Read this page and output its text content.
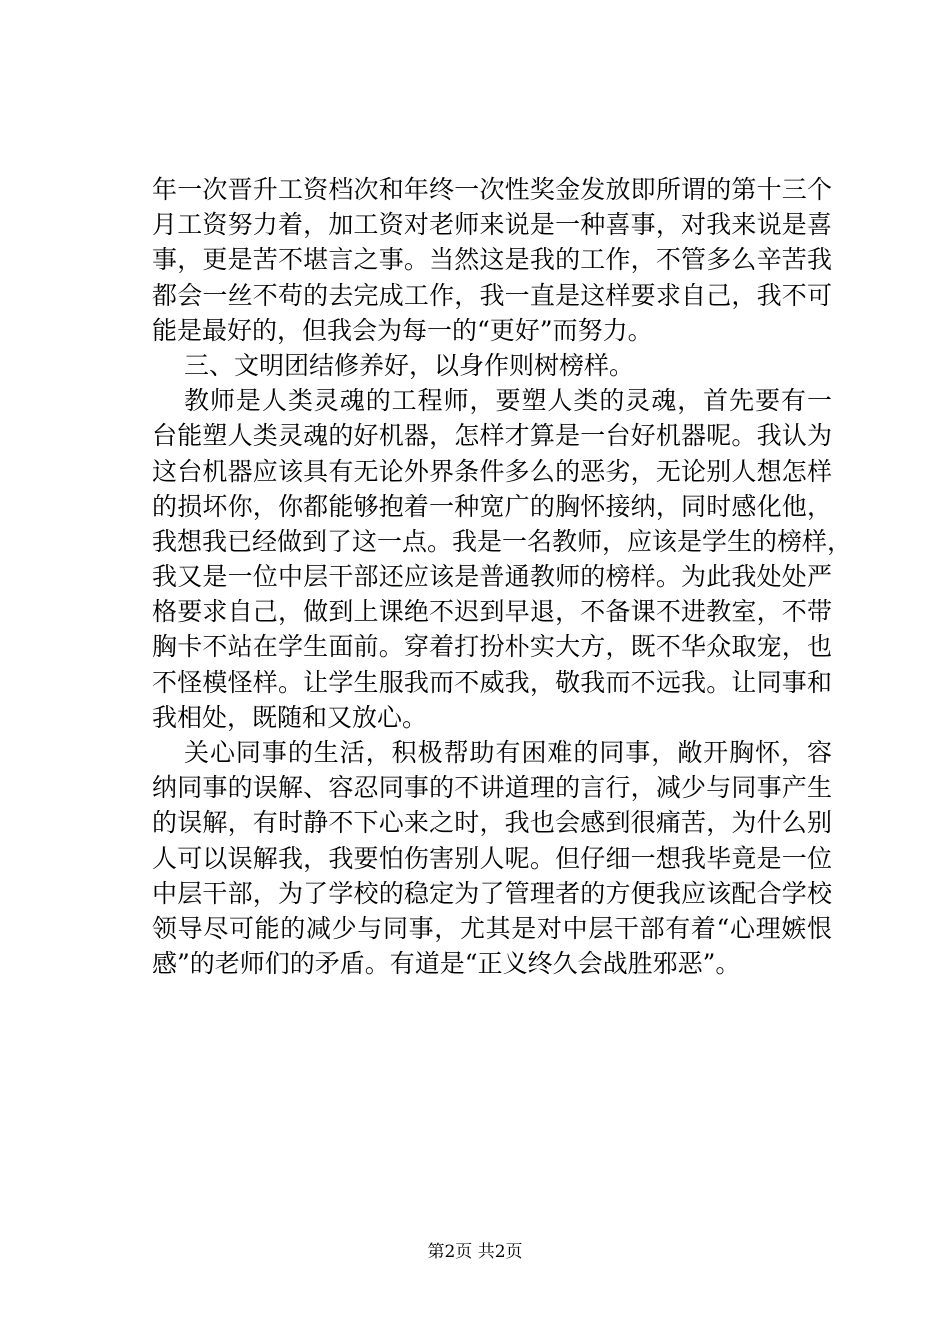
年一次晋升工资档次和年终一次性奖金发放即所谓的第十三个
月工资努力着，加工资对老师来说是一种喜事，对我来说是喜
事，更是苦不堪言之事。当然这是我的工作，不管多么辛苦我
都会一丝不苟的去完成工作，我一直是这样要求自己，我不可
能是最好的，但我会为每一的“更好”而努力。
三、文明团结修养好，以身作则树榜样。
教师是人类灵魂的工程师，要塑人类的灵魂，首先要有一
台能塑人类灵魂的好机器，怎样才算是一台好机器呢。我认为
这台机器应该具有无论外界条件多么的恶劣，无论别人想怎样
的损坏你，你都能够抱着一种宽广的胸怀接纳，同时感化他，
我想我已经做到了这一点。我是一名教师，应该是学生的榜样，
我又是一位中层干部还应该是普通教师的榜样。为此我处处严
格要求自己，做到上课绝不迟到早退，不备课不进教室，不带
胸卡不站在学生面前。穿着打扮朴实大方，既不华众取宠，也
不怪模怪样。让学生服我而不威我，敬我而不远我。让同事和
我相处，既随和又放心。
关心同事的生活，积极帮助有困难的同事，敞开胸怀，容
纳同事的误解、容忍同事的不讲道理的言行，减少与同事产生
的误解，有时静不下心来之时，我也会感到很痛苦，为什么别
人可以误解我，我要怕伤害别人呢。但仔细一想我毕竟是一位
中层干部，为了学校的稳定为了管理者的方便我应该配合学校
领导尽可能的减少与同事，尤其是对中层干部有着“心理嫉恨
感”的老师们的矛盾。有道是“正义终久会战胜邪恶”。
第2页 共2页
